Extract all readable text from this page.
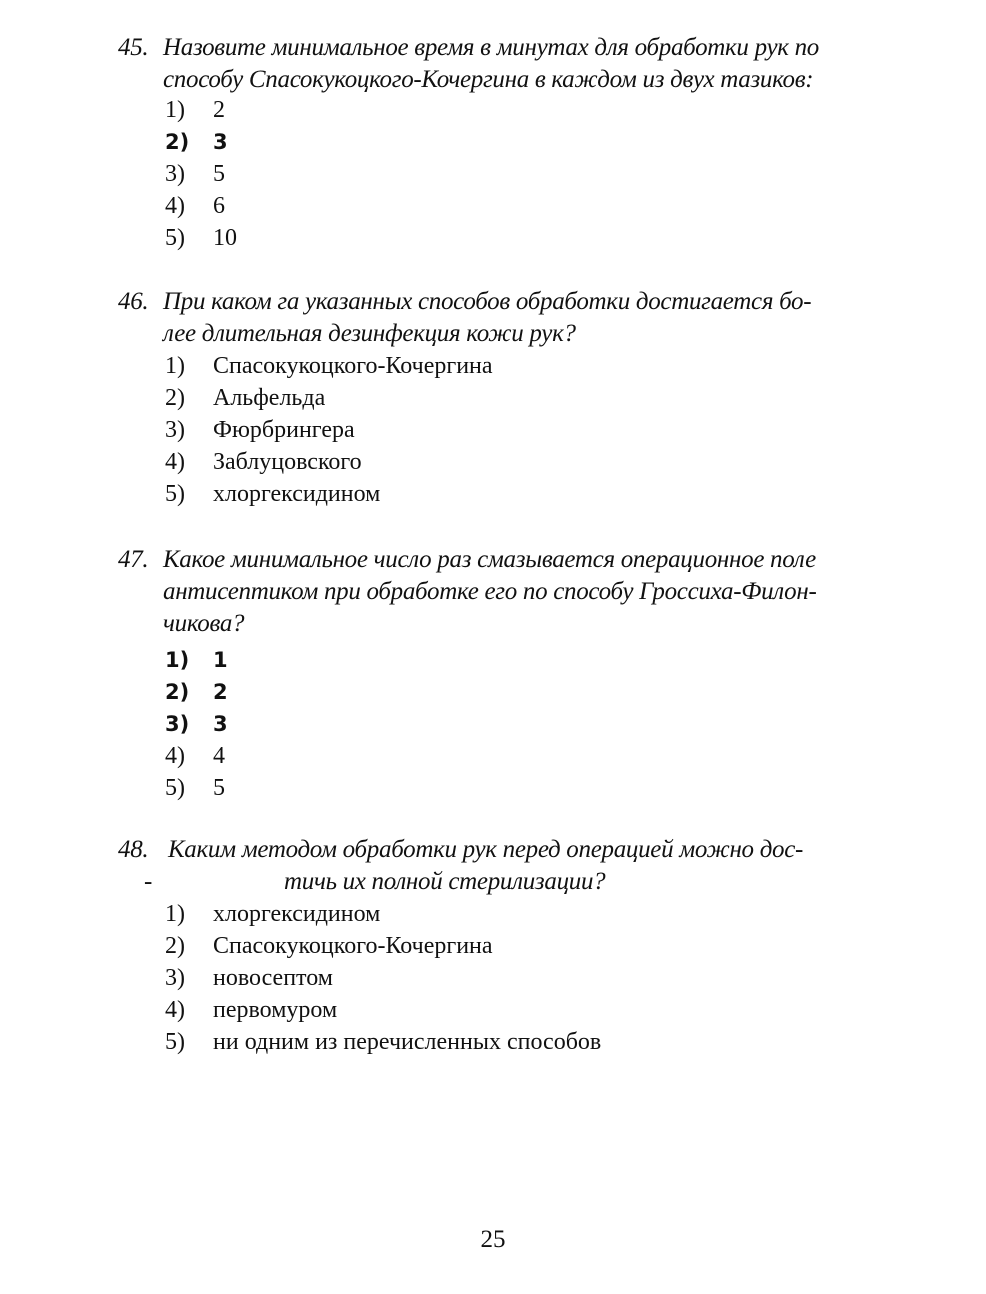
45. Назовите минимальное время в минутах для обработки рук по
способу Спасокукоцкого-Кочергина в каждом из двух тазиков:
1) 2
2) 3
3) 5
4) 6
5) 10
46. При каком га указанных способов обработки достигается бо-
лее длительная дезинфекция кожи рук?
1) Спасокукоцкого-Кочергина
2) Альфельда
3) Фюрбрингера
4) Заблуцовского
5) хлоргексидином
47. Какое минимальное число раз смазывается операционное поле
антисептиком при обработке его по способу Гроссиха-Филон-
чикова?
1) 1
2) 2
3) 3
4) 4
5) 5
48. Каким методом обработки рук перед операцией можно дос-
-	тичь их полной стерилизации?
1) хлоргексидином
2) Спасокукоцкого-Кочергина
3) новосептом
4) первомуром
5) ни одним из перечисленных способов
25
